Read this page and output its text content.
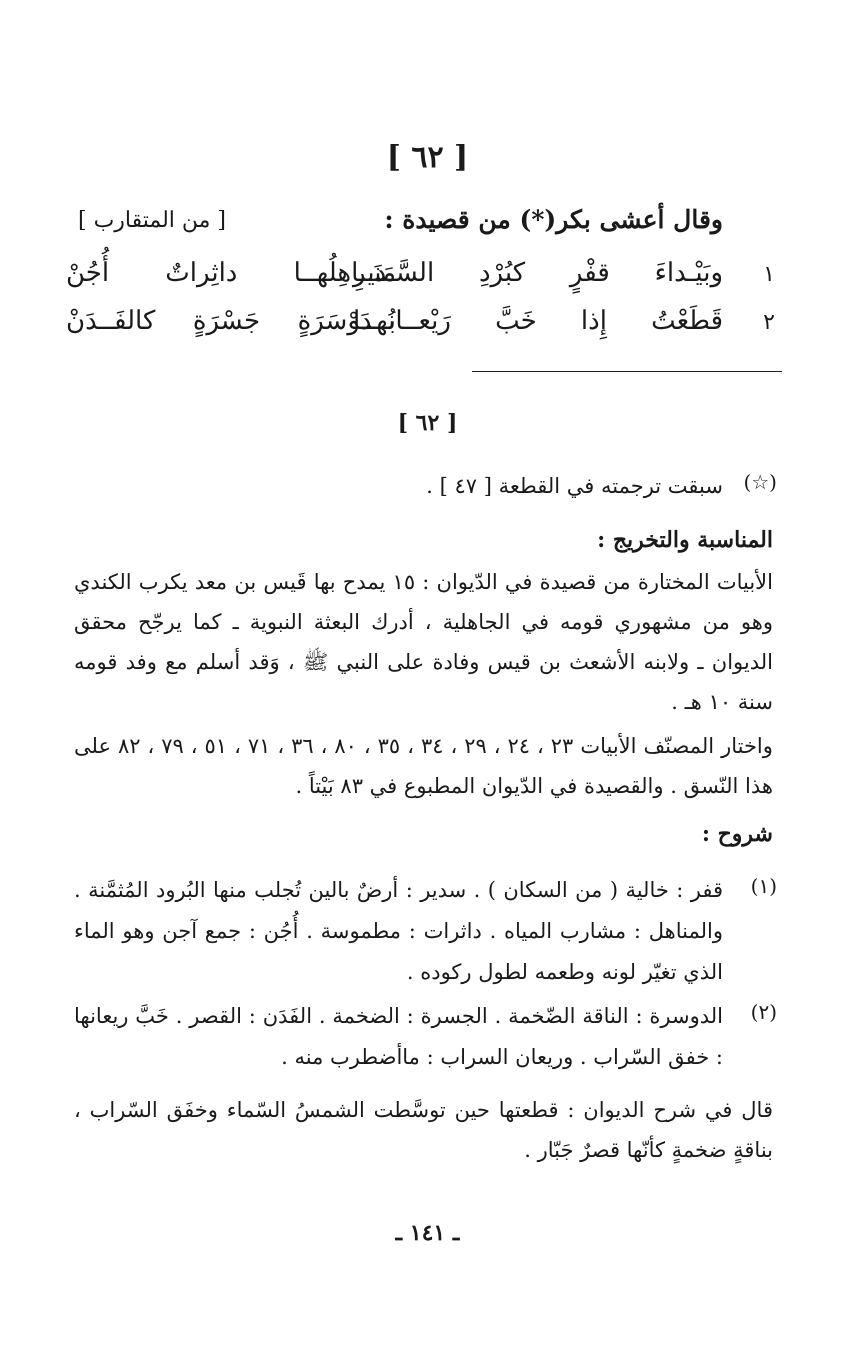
[ ٦٢ ]
وقال أعشى بكر(*) من قصيدة :
[ من المتقارب ]
١
وبَيْـداءَ قفْرٍ كبُرْدِ السَّـديرِ
مَنَــاهِلُهــا داثِراتٌ أُجُنْ
٢
قَطَعْتُ إِذا خَبَّ رَيْعــانُهــا
بــدَوْسَرَةٍ جَسْرَةٍ كالفَــدَنْ
[ ٦٢ ]
(☆)
سبقت ترجمته في القطعة [ ٤٧ ] .
المناسبة والتخريج :
الأبيات المختارة من قصيدة في الدّيوان : ١٥ يمدح بها قَيس بن معد يكرب الكندي وهو من مشهوري قومه في الجاهلية ، أدرك البعثة النبوية ـ كما يرجّح محقق الديوان ـ ولابنه الأشعث بن قيس وفادة على النبي ﷺ ، وَقد أسلم مع وفد قومه سنة ١٠ هـ .
واختار المصنّف الأبيات ٢٣ ، ٢٤ ، ٢٩ ، ٣٤ ، ٣٥ ، ٨٠ ، ٣٦ ، ٧١ ، ٥١ ، ٧٩ ، ٨٢ على هذا النّسق . والقصيدة في الدّيوان المطبوع في ٨٣ بَيْتاً .
شروح :
(١)
قفر : خالية ( من السكان ) . سدير : أرضٌ بالين تُجلب منها البُرود المُثمَّنة . والمناهل : مشارب المياه . داثرات : مطموسة . أُجُن : جمع آجن وهو الماء الذي تغيّر لونه وطعمه لطول ركوده .
(٢)
الدوسرة : الناقة الضّخمة . الجسرة : الضخمة . الفَدَن : القصر . خَبَّ ريعانها : خفق السّراب . وريعان السراب : ماأضطرب منه .
قال في شرح الديوان : قطعتها حين توسَّطت الشمسُ السّماء وخفَق السّراب ، بناقةٍ ضخمةٍ كأنّها قصرٌ جَبّار .
ـ ١٤١ ـ
